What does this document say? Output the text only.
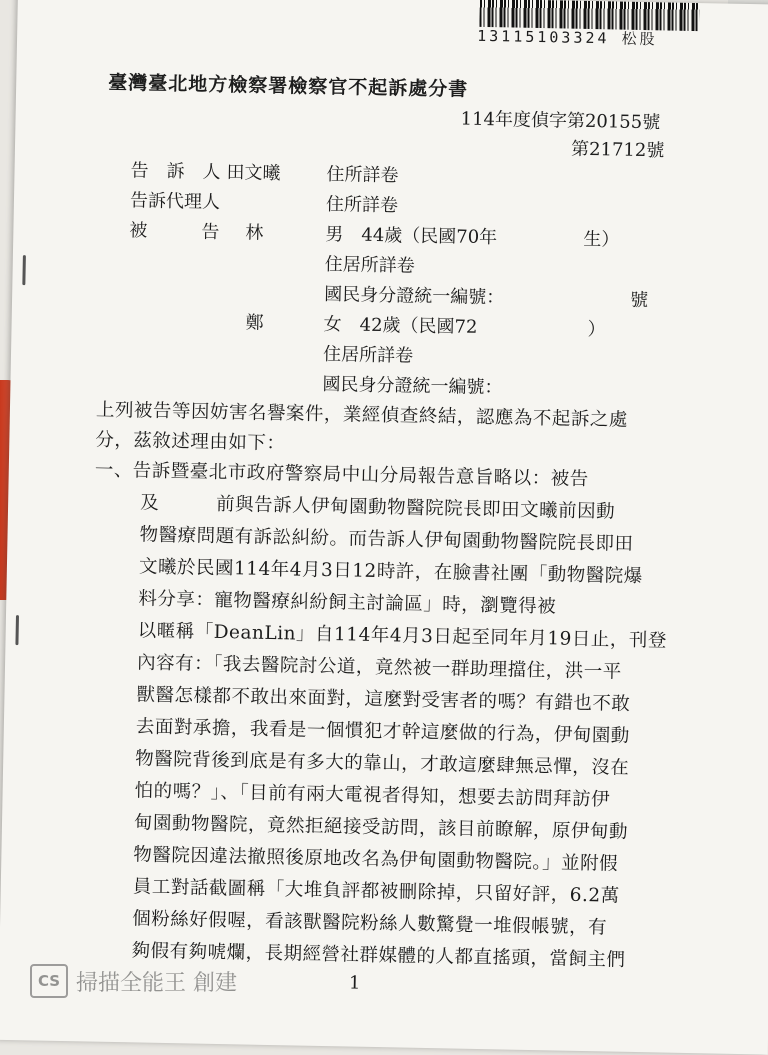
13115103324 松股
臺灣臺北地方檢察署檢察官不起訴處分書
114年度偵字第20155號
第21712號
告　訴　人 田文曦	住所詳卷
告訴代理人	住所詳卷
被　　　告 林	男　44歲（民國70年	生）
住居所詳卷
國民身分證統一編號：	號
鄭	女　42歲（民國72	）
住居所詳卷
國民身分證統一編號：
上列被告等因妨害名譽案件，業經偵查終結，認應為不起訴之處
分，茲敘述理由如下：
一、告訴暨臺北市政府警察局中山分局報告意旨略以：被告
及　　　前與告訴人伊甸園動物醫院院長即田文曦前因動
物醫療問題有訴訟糾紛。而告訴人伊甸園動物醫院院長即田
文曦於民國114年4月3日12時許，在臉書社團「動物醫院爆
料分享：寵物醫療糾紛飼主討論區」時，瀏覽得被
以暱稱「DeanLin」自114年4月3日起至同年月19日止，刊登
內容有：「我去醫院討公道，竟然被一群助理擋住，洪一平
獸醫怎樣都不敢出來面對，這麼對受害者的嗎？有錯也不敢
去面對承擔，我看是一個慣犯才幹這麼做的行為，伊甸園動
物醫院背後到底是有多大的靠山，才敢這麼肆無忌憚，沒在
怕的嗎？」、「目前有兩大電視者得知，想要去訪問拜訪伊
甸園動物醫院，竟然拒絕接受訪問，該目前瞭解，原伊甸動
物醫院因違法撤照後原地改名為伊甸園動物醫院。」並附假
員工對話截圖稱「大堆負評都被刪除掉，只留好評，6.2萬
個粉絲好假喔，看該獸醫院粉絲人數驚覺一堆假帳號，有
夠假有夠唬爛，長期經營社群媒體的人都直搖頭，當飼主們
1
CS 掃描全能王 創建
